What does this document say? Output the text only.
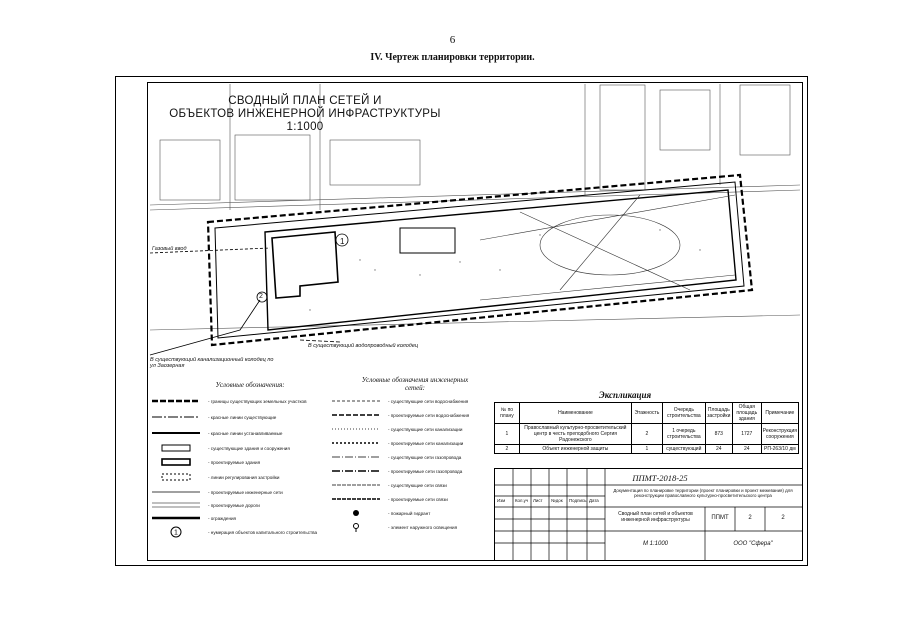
6
IV. Чертеж планировки территории.
СВОДНЫЙ ПЛАН СЕТЕЙ И
ОБЪЕКТОВ ИНЖЕНЕРНОЙ ИНФРАСТРУКТУРЫ
1:1000
1
2
Газовый ввод
В существующий канализационный колодец по ул Заозерная
В существующий водопроводный колодец
Условные обозначения:
Условные обозначения инженерных сетей:
- границы существующих земельных участков
- красные линии существующие
- красные линии устанавливаемые
- существующие здания и сооружения
- проектируемые здания
- линии регулирования застройки
- проектируемые инженерные сети
- проектируемые дороги
- ограждения
1	- нумерация объектов капитального строительства
- существующие сети водоснабжения
- проектируемые сети водоснабжения
- существующие сети канализации
- проектируемые сети канализации
- существующие сети газопровода
- проектируемые сети газопровода
- существующие сети связи
- проектируемые сети связи
- пожарный гидрант
- элемент наружного освещения
Экспликация
№ по плану	Наименование	Этажность	Очередь строительства	Площадь застройки	Общая площадь здания	Примечание
1	Православный культурно-просветительский центр в честь преподобного Сергия Радонежского	2	1 очередь строительства	873	1727	Реконструкция сооружения
2	Объект инженерной защиты	1	существующий	24	24	РП-263/10 дм
Изм Кол.уч Лист №док Подпись Дата
Документация по планировке территории (проект планировки и проект межевания) для реконструкции православного культурно-просветительского центра
Сводный план сетей и объектов инженерной инфраструктуры	ППМТ	2	2
М 1:1000	ООО "Сфера"
ППМТ-2018-25
